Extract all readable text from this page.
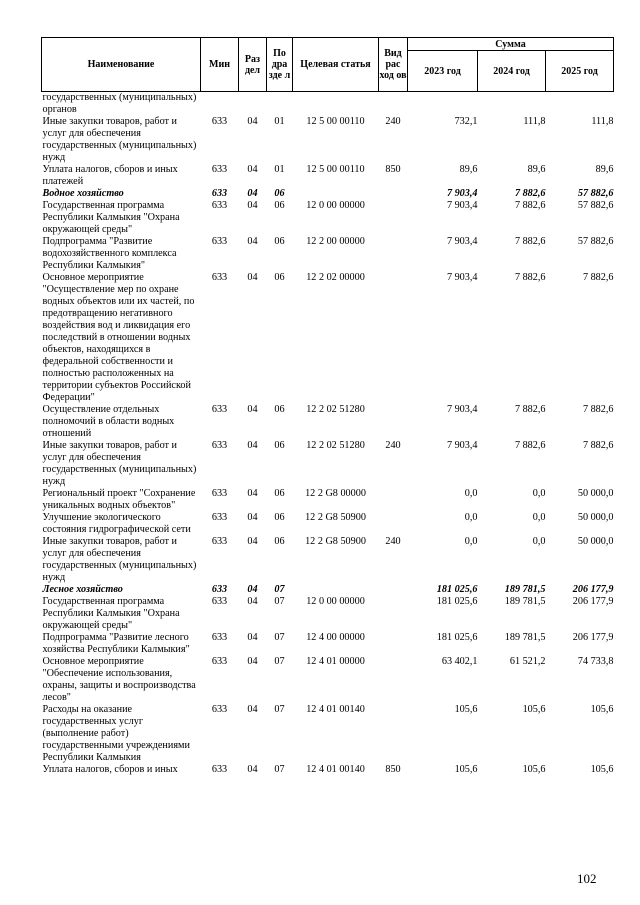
Наименование	Мин	Раз дел	По дра зде л	Целевая статья	Вид рас ход ов	Сумма		
						2023 год	2024 год	2025 год
государственных (муниципальных) органов								
Иные закупки товаров, работ и услуг для обеспечения государственных (муниципальных) нужд	633	04	01	12 5 00 00110	240	732,1	111,8	111,8
Уплата налогов, сборов и иных платежей	633	04	01	12 5 00 00110	850	89,6	89,6	89,6
Водное хозяйство	633	04	06			7 903,4	7 882,6	57 882,6
Государственная программа Республики Калмыкия "Охрана окружающей среды"	633	04	06	12 0 00 00000		7 903,4	7 882,6	57 882,6
Подпрограмма "Развитие водохозяйственного комплекса Республики Калмыкия"	633	04	06	12 2 00 00000		7 903,4	7 882,6	57 882,6
Основное мероприятие "Осуществление мер по охране водных объектов или их частей, по предотвращению негативного воздействия вод и ликвидация его последствий в отношении водных объектов, находящихся в федеральной собственности и полностью расположенных на территории субъектов Российской Федерации"	633	04	06	12 2 02 00000		7 903,4	7 882,6	7 882,6
Осуществление отдельных полномочий в области водных отношений	633	04	06	12 2 02 51280		7 903,4	7 882,6	7 882,6
Иные закупки товаров, работ и услуг для обеспечения государственных (муниципальных) нужд	633	04	06	12 2 02 51280	240	7 903,4	7 882,6	7 882,6
Региональный проект "Сохранение уникальных водных объектов"	633	04	06	12 2 G8 00000		0,0	0,0	50 000,0
Улучшение экологического состояния гидрографической сети	633	04	06	12 2 G8 50900		0,0	0,0	50 000,0
Иные закупки товаров, работ и услуг для обеспечения государственных (муниципальных) нужд	633	04	06	12 2 G8 50900	240	0,0	0,0	50 000,0
Лесное хозяйство	633	04	07			181 025,6	189 781,5	206 177,9
Государственная программа Республики Калмыкия "Охрана окружающей среды"	633	04	07	12 0 00 00000		181 025,6	189 781,5	206 177,9
Подпрограмма "Развитие лесного хозяйства Республики Калмыкия"	633	04	07	12 4 00 00000		181 025,6	189 781,5	206 177,9
Основное мероприятие "Обеспечение использования, охраны, защиты и воспроизводства лесов"	633	04	07	12 4 01 00000		63 402,1	61 521,2	74 733,8
Расходы на оказание государственных услуг (выполнение работ) государственными учреждениями Республики Калмыкия	633	04	07	12 4 01 00140		105,6	105,6	105,6
Уплата налогов, сборов и иных	633	04	07	12 4 01 00140	850	105,6	105,6	105,6
102
